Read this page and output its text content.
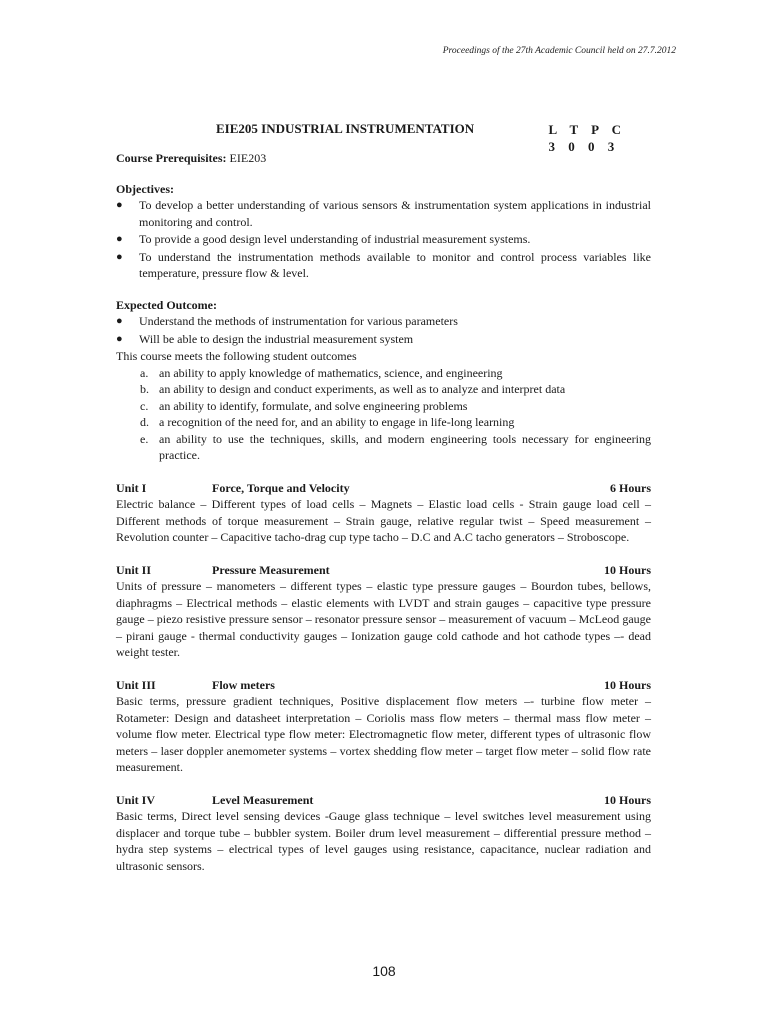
Proceedings of the 27th Academic Council held on 27.7.2012
EIE205 INDUSTRIAL INSTRUMENTATION	L T P C
3 0 0 3

Course Prerequisites: EIE203

Objectives:

● To develop a better understanding of various sensors & instrumentation system applications in industrial monitoring and control.
● To provide a good design level understanding of industrial measurement systems.
● To understand the instrumentation methods available to monitor and control process variables like temperature, pressure flow & level.

Expected Outcome:

● Understand the methods of instrumentation for various parameters
● Will be able to design the industrial measurement system

This course meets the following student outcomes

a. an ability to apply knowledge of mathematics, science, and engineering
b. an ability to design and conduct experiments, as well as to analyze and interpret data
c. an ability to identify, formulate, and solve engineering problems
d. a recognition of the need for, and an ability to engage in life-long learning
e. an ability to use the techniques, skills, and modern engineering tools necessary for engineering practice.
Unit I	Force, Torque and Velocity	6 Hours
Electric balance – Different types of load cells – Magnets – Elastic load cells - Strain gauge load cell – Different methods of torque measurement – Strain gauge, relative regular twist – Speed measurement – Revolution counter – Capacitive tacho-drag cup type tacho – D.C and A.C tacho generators – Stroboscope.
Unit II	Pressure Measurement	10 Hours
Units of pressure – manometers – different types – elastic type pressure gauges – Bourdon tubes, bellows, diaphragms – Electrical methods – elastic elements with LVDT and strain gauges – capacitive type pressure gauge – piezo resistive pressure sensor – resonator pressure sensor – measurement of vacuum – McLeod gauge – pirani gauge - thermal conductivity gauges – Ionization gauge cold cathode and hot cathode types –- dead weight tester.
Unit III	Flow meters	10 Hours
Basic terms, pressure gradient techniques, Positive displacement flow meters –- turbine flow meter – Rotameter: Design and datasheet interpretation – Coriolis mass flow meters – thermal mass flow meter – volume flow meter. Electrical type flow meter: Electromagnetic flow meter, different types of ultrasonic flow meters – laser doppler anemometer systems – vortex shedding flow meter – target flow meter – solid flow rate measurement.
Unit IV	Level Measurement	10 Hours
Basic terms, Direct level sensing devices -Gauge glass technique – level switches level measurement using displacer and torque tube – bubbler system. Boiler drum level measurement – differential pressure method – hydra step systems – electrical types of level gauges using resistance, capacitance, nuclear radiation and ultrasonic sensors.
108
